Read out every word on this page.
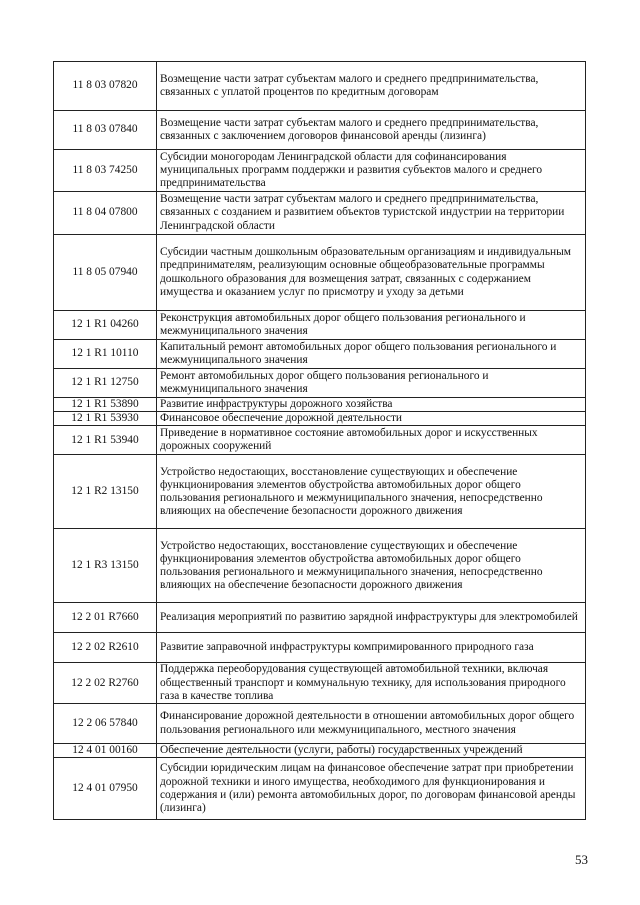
11 8 03 07820	Возмещение части затрат субъектам малого и среднего предпринимательства, связанных с уплатой процентов по кредитным договорам
11 8 03 07840	Возмещение части затрат субъектам малого и среднего предпринимательства, связанных с заключением договоров финансовой аренды (лизинга)
11 8 03 74250	Субсидии моногородам Ленинградской области для софинансирования муниципальных программ поддержки и развития субъектов малого и среднего предпринимательства
11 8 04 07800	Возмещение части затрат субъектам малого и среднего предпринимательства, связанных с созданием и развитием объектов туристской индустрии на территории Ленинградской области
11 8 05 07940	Субсидии частным дошкольным образовательным организациям и индивидуальным предпринимателям, реализующим основные общеобразовательные программы дошкольного образования для возмещения затрат, связанных с содержанием имущества и оказанием услуг по присмотру и уходу за детьми
12 1 R1 04260	Реконструкция автомобильных дорог общего пользования регионального и межмуниципального значения
12 1 R1 10110	Капитальный ремонт автомобильных дорог общего пользования регионального и межмуниципального значения
12 1 R1 12750	Ремонт автомобильных дорог общего пользования регионального и межмуниципального значения
12 1 R1 53890	Развитие инфраструктуры дорожного хозяйства
12 1 R1 53930	Финансовое обеспечение дорожной деятельности
12 1 R1 53940	Приведение в нормативное состояние автомобильных дорог и искусственных дорожных сооружений
12 1 R2 13150	Устройство недостающих, восстановление существующих и обеспечение функционирования элементов обустройства автомобильных дорог общего пользования регионального и межмуниципального значения, непосредственно влияющих на обеспечение безопасности дорожного движения
12 1 R3 13150	Устройство недостающих, восстановление существующих и обеспечение функционирования элементов обустройства автомобильных дорог общего пользования регионального и межмуниципального значения, непосредственно влияющих на обеспечение безопасности дорожного движения
12 2 01 R7660	Реализация мероприятий по развитию зарядной инфраструктуры для электромобилей
12 2 02 R2610	Развитие заправочной инфраструктуры компримированного природного газа
12 2 02 R2760	Поддержка переоборудования существующей автомобильной техники, включая общественный транспорт и коммунальную технику, для использования природного газа в качестве топлива
12 2 06 57840	Финансирование дорожной деятельности в отношении автомобильных дорог общего пользования регионального или межмуниципального, местного значения
12 4 01 00160	Обеспечение деятельности (услуги, работы) государственных учреждений
12 4 01 07950	Субсидии юридическим лицам на финансовое обеспечение затрат при приобретении дорожной техники и иного имущества, необходимого для функционирования и содержания и (или) ремонта автомобильных дорог, по договорам финансовой аренды (лизинга)
53
